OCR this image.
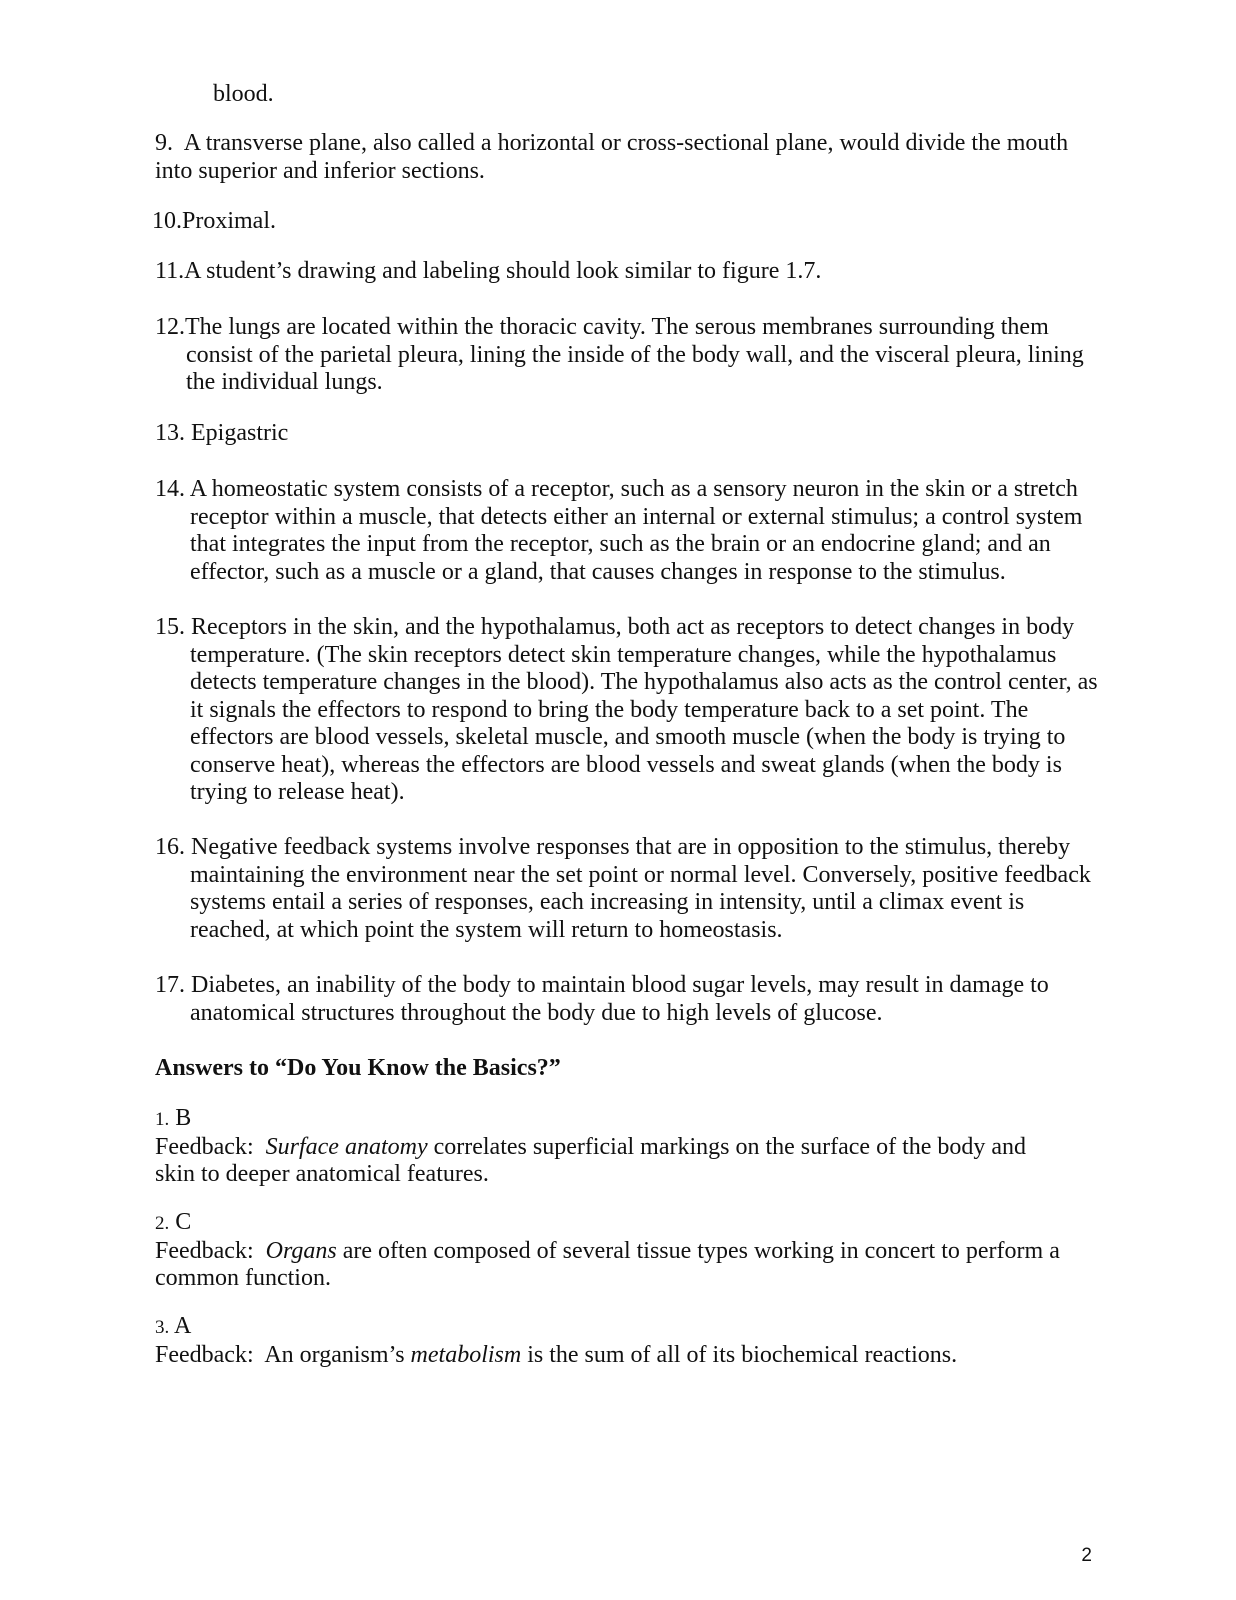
blood.
9. A transverse plane, also called a horizontal or cross-sectional plane, would divide the mouth into superior and inferior sections.
10.Proximal.
11.A student’s drawing and labeling should look similar to figure 1.7.
12.The lungs are located within the thoracic cavity. The serous membranes surrounding them consist of the parietal pleura, lining the inside of the body wall, and the visceral pleura, lining the individual lungs.
13. Epigastric
14. A homeostatic system consists of a receptor, such as a sensory neuron in the skin or a stretch receptor within a muscle, that detects either an internal or external stimulus; a control system that integrates the input from the receptor, such as the brain or an endocrine gland; and an effector, such as a muscle or a gland, that causes changes in response to the stimulus.
15. Receptors in the skin, and the hypothalamus, both act as receptors to detect changes in body temperature. (The skin receptors detect skin temperature changes, while the hypothalamus detects temperature changes in the blood). The hypothalamus also acts as the control center, as it signals the effectors to respond to bring the body temperature back to a set point. The effectors are blood vessels, skeletal muscle, and smooth muscle (when the body is trying to conserve heat), whereas the effectors are blood vessels and sweat glands (when the body is trying to release heat).
16. Negative feedback systems involve responses that are in opposition to the stimulus, thereby maintaining the environment near the set point or normal level. Conversely, positive feedback systems entail a series of responses, each increasing in intensity, until a climax event is reached, at which point the system will return to homeostasis.
17. Diabetes, an inability of the body to maintain blood sugar levels, may result in damage to anatomical structures throughout the body due to high levels of glucose.
Answers to “Do You Know the Basics?”
1. B
Feedback: Surface anatomy correlates superficial markings on the surface of the body and skin to deeper anatomical features.
2. C
Feedback: Organs are often composed of several tissue types working in concert to perform a common function.
3. A
Feedback: An organism’s metabolism is the sum of all of its biochemical reactions.
2
